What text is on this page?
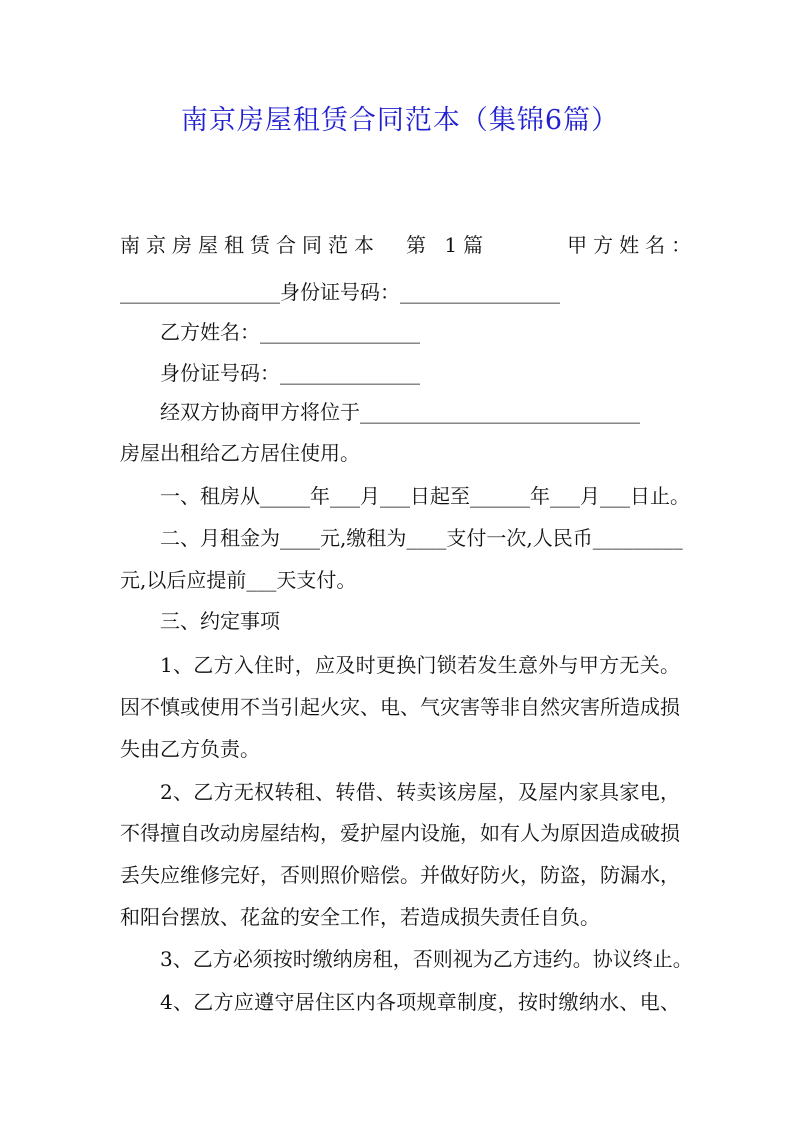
南京房屋租赁合同范本（集锦6篇）
南京房屋租赁合同范本　第 1篇　　　甲方姓名：
________________身份证号码：________________
乙方姓名：________________
身份证号码：______________
经双方协商甲方将位于____________________________
房屋出租给乙方居住使用。
一、租房从_____年___月___日起至______年___月___日止。
二、月租金为____元,缴租为____支付一次,人民币_________
元,以后应提前___天支付。
三、约定事项
1、乙方入住时，应及时更换门锁若发生意外与甲方无关。
因不慎或使用不当引起火灾、电、气灾害等非自然灾害所造成损
失由乙方负责。
2、乙方无权转租、转借、转卖该房屋，及屋内家具家电，
不得擅自改动房屋结构，爱护屋内设施，如有人为原因造成破损
丢失应维修完好，否则照价赔偿。并做好防火，防盗，防漏水，
和阳台摆放、花盆的安全工作，若造成损失责任自负。
3、乙方必须按时缴纳房租，否则视为乙方违约。协议终止。
4、乙方应遵守居住区内各项规章制度，按时缴纳水、电、
